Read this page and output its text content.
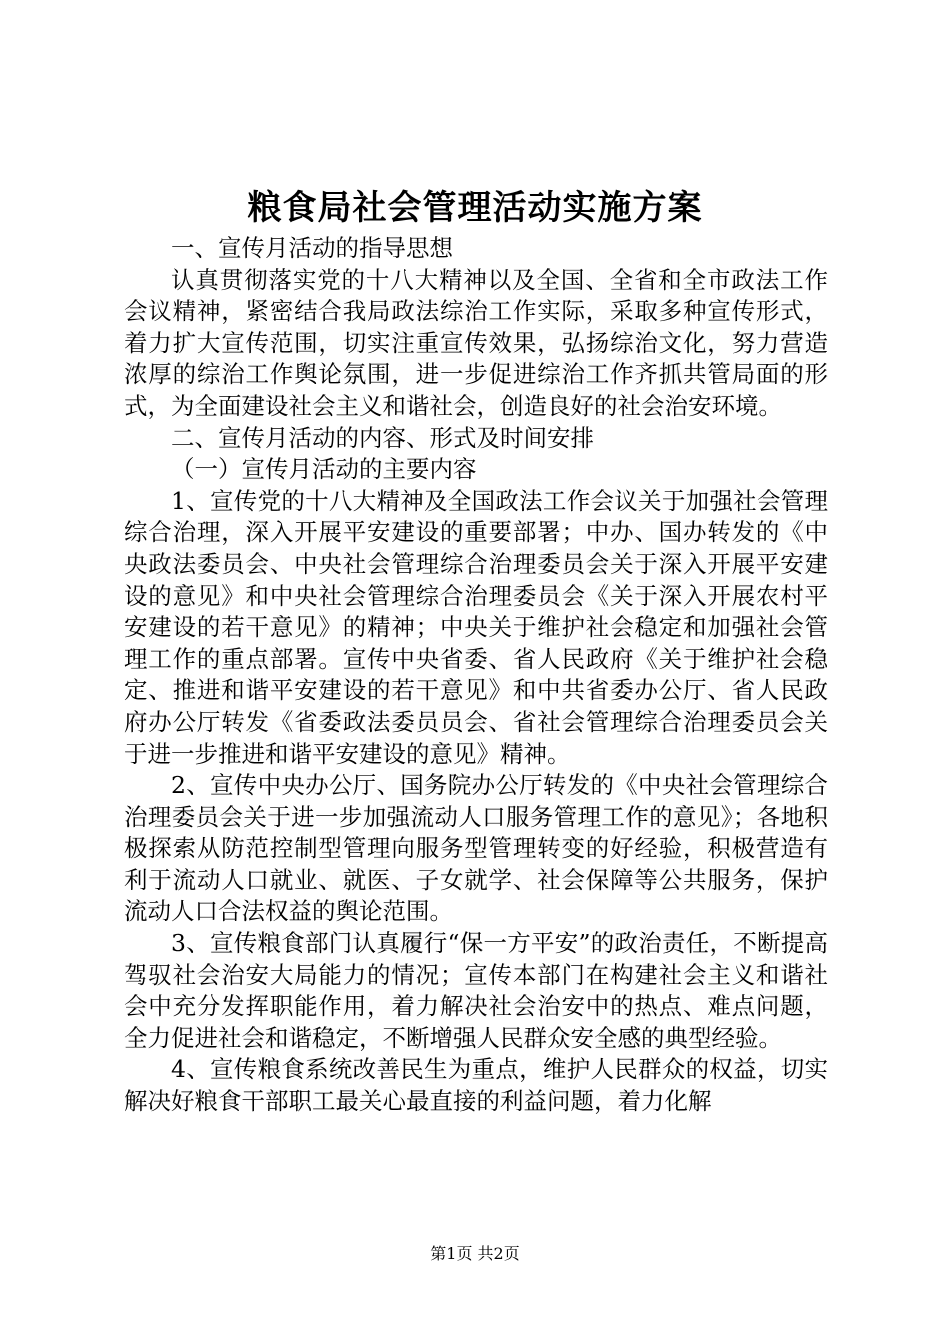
粮食局社会管理活动实施方案

一、宣传月活动的指导思想

认真贯彻落实党的十八大精神以及全国、全省和全市政法工作会议精神，紧密结合我局政法综治工作实际，采取多种宣传形式，着力扩大宣传范围，切实注重宣传效果，弘扬综治文化，努力营造浓厚的综治工作舆论氛围，进一步促进综治工作齐抓共管局面的形式，为全面建设社会主义和谐社会，创造良好的社会治安环境。

二、宣传月活动的内容、形式及时间安排

（一）宣传月活动的主要内容

1、宣传党的十八大精神及全国政法工作会议关于加强社会管理综合治理，深入开展平安建设的重要部署；中办、国办转发的《中央政法委员会、中央社会管理综合治理委员会关于深入开展平安建设的意见》和中央社会管理综合治理委员会《关于深入开展农村平安建设的若干意见》的精神；中央关于维护社会稳定和加强社会管理工作的重点部署。宣传中央省委、省人民政府《关于维护社会稳定、推进和谐平安建设的若干意见》和中共省委办公厅、省人民政府办公厅转发《省委政法委员员会、省社会管理综合治理委员会关于进一步推进和谐平安建设的意见》精神。

2、宣传中央办公厅、国务院办公厅转发的《中央社会管理综合治理委员会关于进一步加强流动人口服务管理工作的意见》；各地积极探索从防范控制型管理向服务型管理转变的好经验，积极营造有利于流动人口就业、就医、子女就学、社会保障等公共服务，保护流动人口合法权益的舆论范围。

3、宣传粮食部门认真履行“保一方平安”的政治责任，不断提高驾驭社会治安大局能力的情况；宣传本部门在构建社会主义和谐社会中充分发挥职能作用，着力解决社会治安中的热点、难点问题，全力促进社会和谐稳定，不断增强人民群众安全感的典型经验。

4、宣传粮食系统改善民生为重点，维护人民群众的权益，切实解决好粮食干部职工最关心最直接的利益问题，着力化解

第1页 共2页
